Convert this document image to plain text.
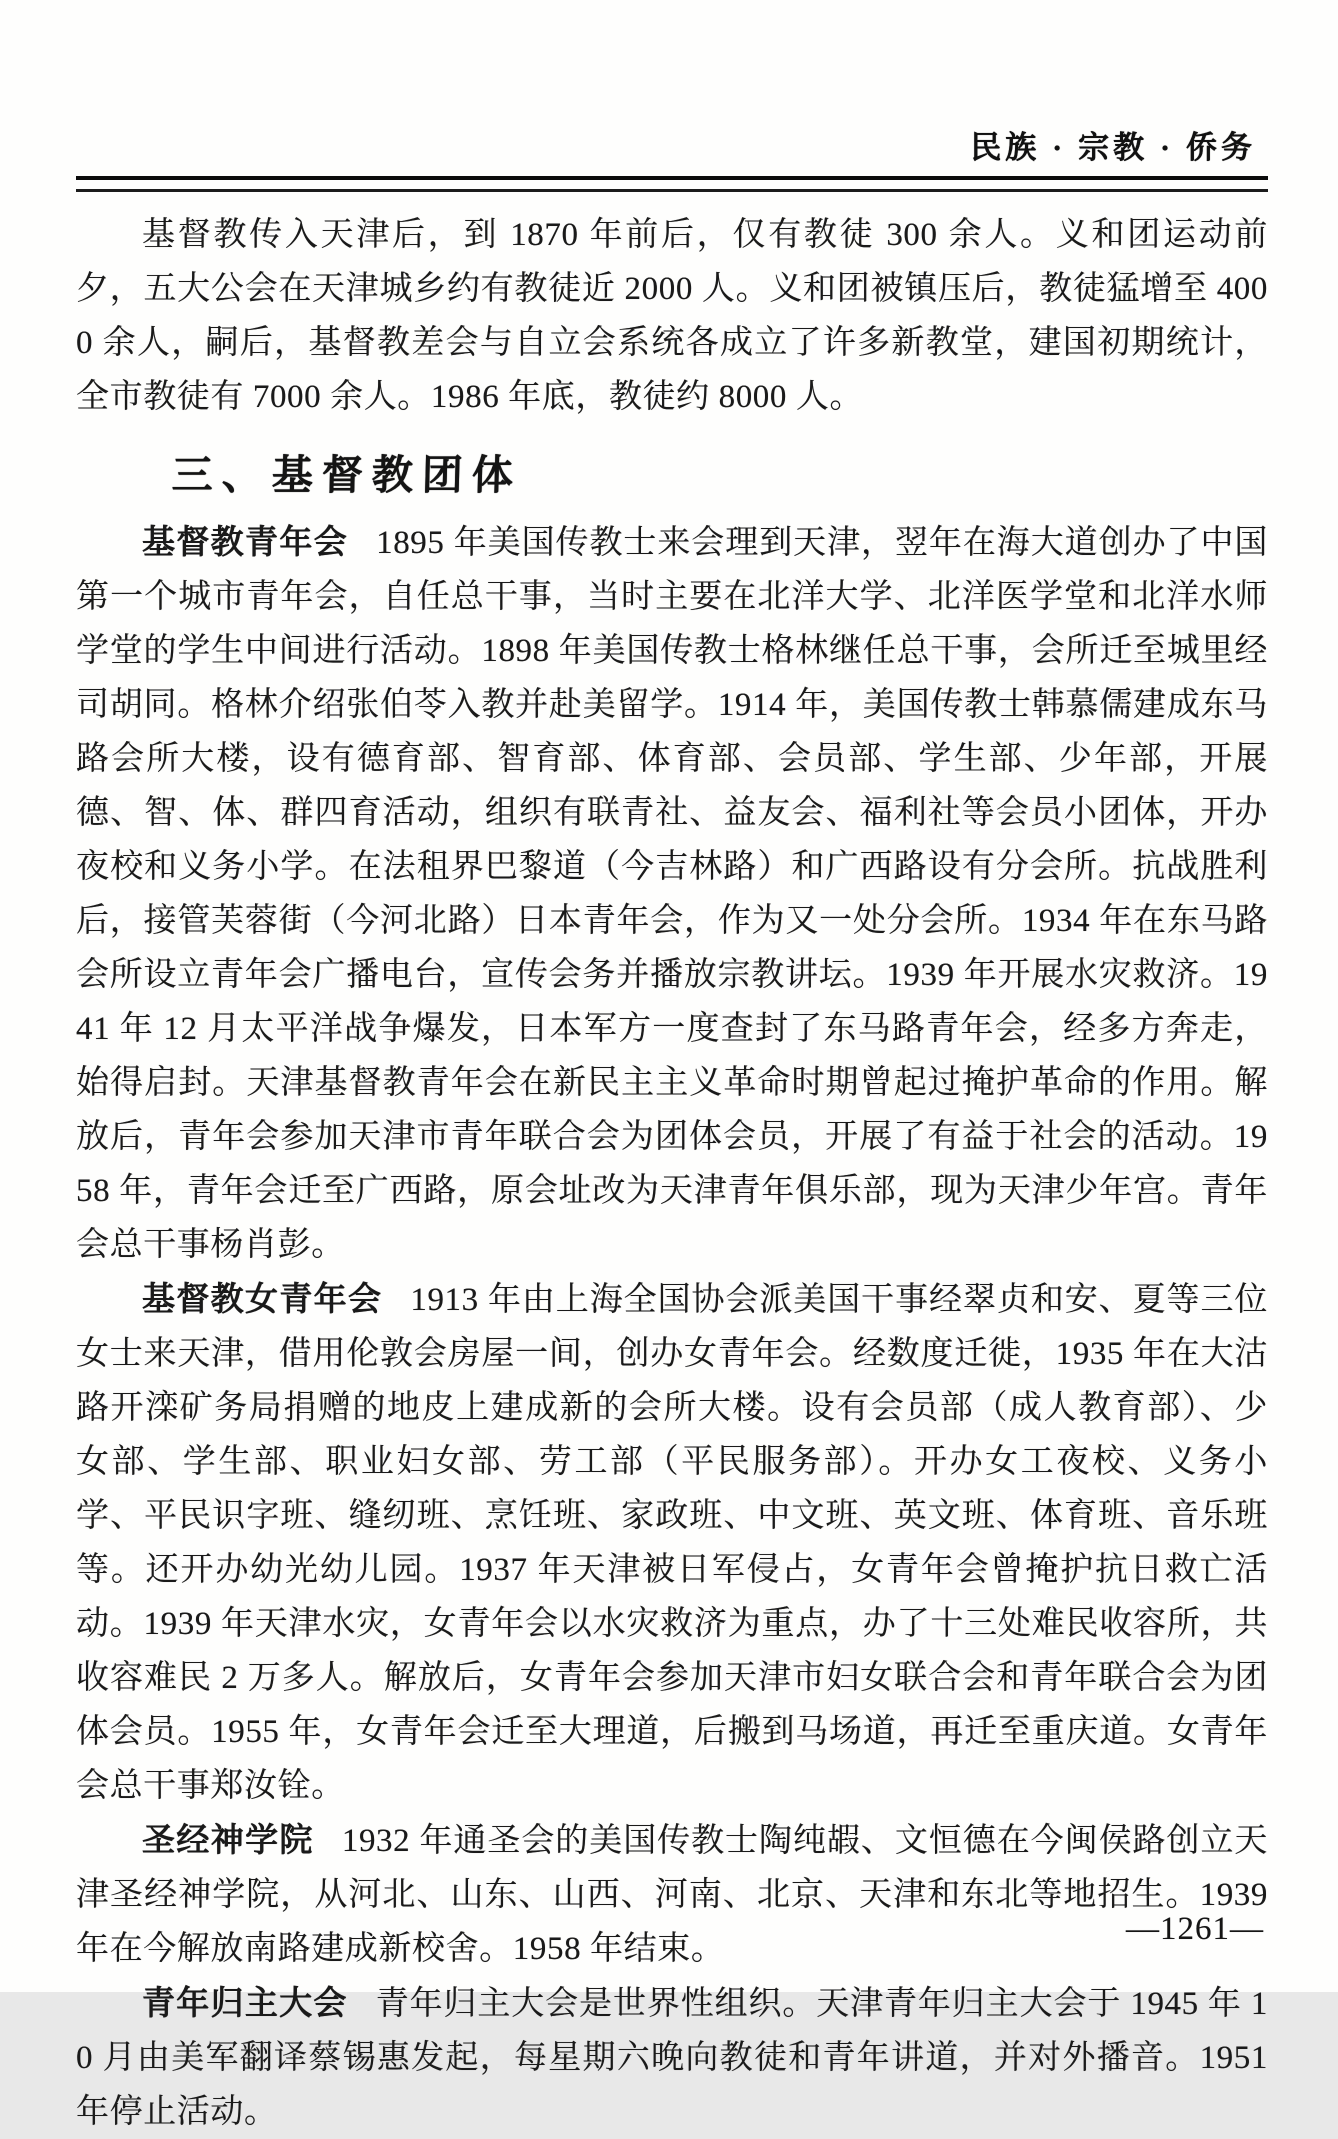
民族 · 宗教 · 侨务

基督教传入天津后，到 1870 年前后，仅有教徒 300 余人。义和团运动前夕，五大公会在天津城乡约有教徒近 2000 人。义和团被镇压后，教徒猛增至 4000 余人，嗣后，基督教差会与自立会系统各成立了许多新教堂，建国初期统计，全市教徒有 7000 余人。1986 年底，教徒约 8000 人。

三、基督教团体

基督教青年会 1895 年美国传教士来会理到天津，翌年在海大道创办了中国第一个城市青年会，自任总干事，当时主要在北洋大学、北洋医学堂和北洋水师学堂的学生中间进行活动。1898 年美国传教士格林继任总干事，会所迁至城里经司胡同。格林介绍张伯苓入教并赴美留学。1914 年，美国传教士韩慕儒建成东马路会所大楼，设有德育部、智育部、体育部、会员部、学生部、少年部，开展德、智、体、群四育活动，组织有联青社、益友会、福利社等会员小团体，开办夜校和义务小学。在法租界巴黎道（今吉林路）和广西路设有分会所。抗战胜利后，接管芙蓉街（今河北路）日本青年会，作为又一处分会所。1934 年在东马路会所设立青年会广播电台，宣传会务并播放宗教讲坛。1939 年开展水灾救济。1941 年 12 月太平洋战争爆发，日本军方一度查封了东马路青年会，经多方奔走，始得启封。天津基督教青年会在新民主主义革命时期曾起过掩护革命的作用。解放后，青年会参加天津市青年联合会为团体会员，开展了有益于社会的活动。1958 年，青年会迁至广西路，原会址改为天津青年俱乐部，现为天津少年宫。青年会总干事杨肖彭。

基督教女青年会 1913 年由上海全国协会派美国干事经翠贞和安、夏等三位女士来天津，借用伦敦会房屋一间，创办女青年会。经数度迁徙，1935 年在大沽路开滦矿务局捐赠的地皮上建成新的会所大楼。设有会员部（成人教育部）、少女部、学生部、职业妇女部、劳工部（平民服务部）。开办女工夜校、义务小学、平民识字班、缝纫班、烹饪班、家政班、中文班、英文班、体育班、音乐班等。还开办幼光幼儿园。1937 年天津被日军侵占，女青年会曾掩护抗日救亡活动。1939 年天津水灾，女青年会以水灾救济为重点，办了十三处难民收容所，共收容难民 2 万多人。解放后，女青年会参加天津市妇女联合会和青年联合会为团体会员。1955 年，女青年会迁至大理道，后搬到马场道，再迁至重庆道。女青年会总干事郑汝铨。

圣经神学院 1932 年通圣会的美国传教士陶纯嘏、文恒德在今闽侯路创立天津圣经神学院，从河北、山东、山西、河南、北京、天津和东北等地招生。1939 年在今解放南路建成新校舍。1958 年结束。

青年归主大会 青年归主大会是世界性组织。天津青年归主大会于 1945 年 10 月由美军翻译蔡锡惠发起，每星期六晚向教徒和青年讲道，并对外播音。1951 年停止活动。

—1261—
